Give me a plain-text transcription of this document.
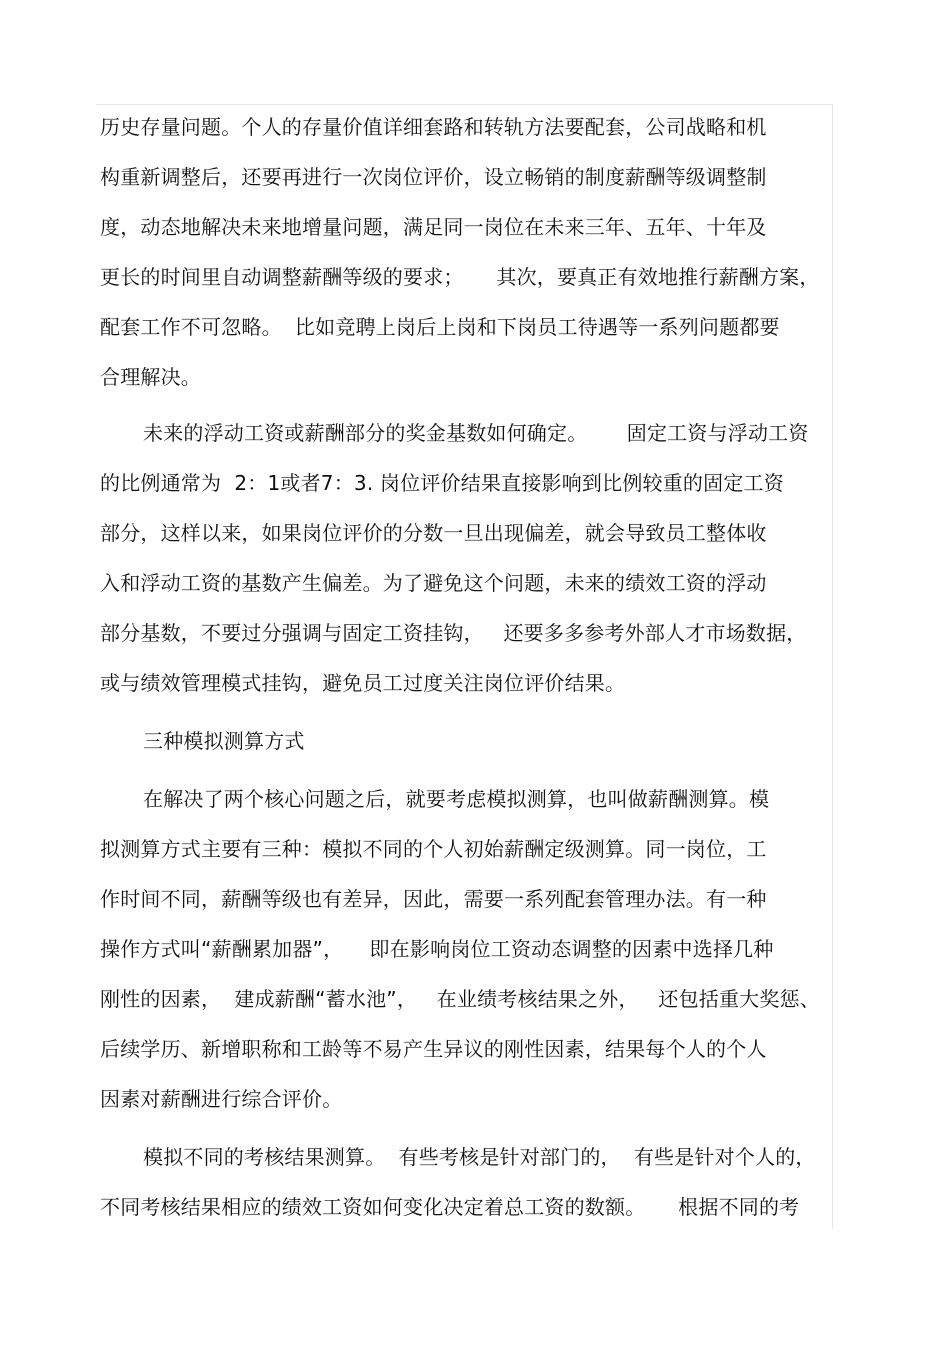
历史存量问题。个人的存量价值详细套路和转轨方法要配套，公司战略和机
构重新调整后，还要再进行一次岗位评价，设立畅销的制度薪酬等级调整制
度，动态地解决未来地增量问题，满足同一岗位在未来三年、五年、十年及
更长的时间里自动调整薪酬等级的要求；     其次，要真正有效地推行薪酬方案，
配套工作不可忽略。  比如竞聘上岗后上岗和下岗员工待遇等一系列问题都要
合理解决。
未来的浮动工资或薪酬部分的奖金基数如何确定。      固定工资与浮动工资
的比例通常为  2：1或者7：3. 岗位评价结果直接影响到比例较重的固定工资
部分，这样以来，如果岗位评价的分数一旦出现偏差，就会导致员工整体收
入和浮动工资的基数产生偏差。为了避免这个问题，未来的绩效工资的浮动
部分基数，不要过分强调与固定工资挂钩，   还要多多参考外部人才市场数据，
或与绩效管理模式挂钩，避免员工过度关注岗位评价结果。
三种模拟测算方式
在解决了两个核心问题之后，就要考虑模拟测算，也叫做薪酬测算。模
拟测算方式主要有三种：模拟不同的个人初始薪酬定级测算。同一岗位，工
作时间不同，薪酬等级也有差异，因此，需要一系列配套管理办法。有一种
操作方式叫“薪酬累加器”，    即在影响岗位工资动态调整的因素中选择几种
刚性的因素，  建成薪酬“蓄水池”，   在业绩考核结果之外，   还包括重大奖惩、
后续学历、新增职称和工龄等不易产生异议的刚性因素，结果每个人的个人
因素对薪酬进行综合评价。
模拟不同的考核结果测算。  有些考核是针对部门的，  有些是针对个人的，
不同考核结果相应的绩效工资如何变化决定着总工资的数额。     根据不同的考
